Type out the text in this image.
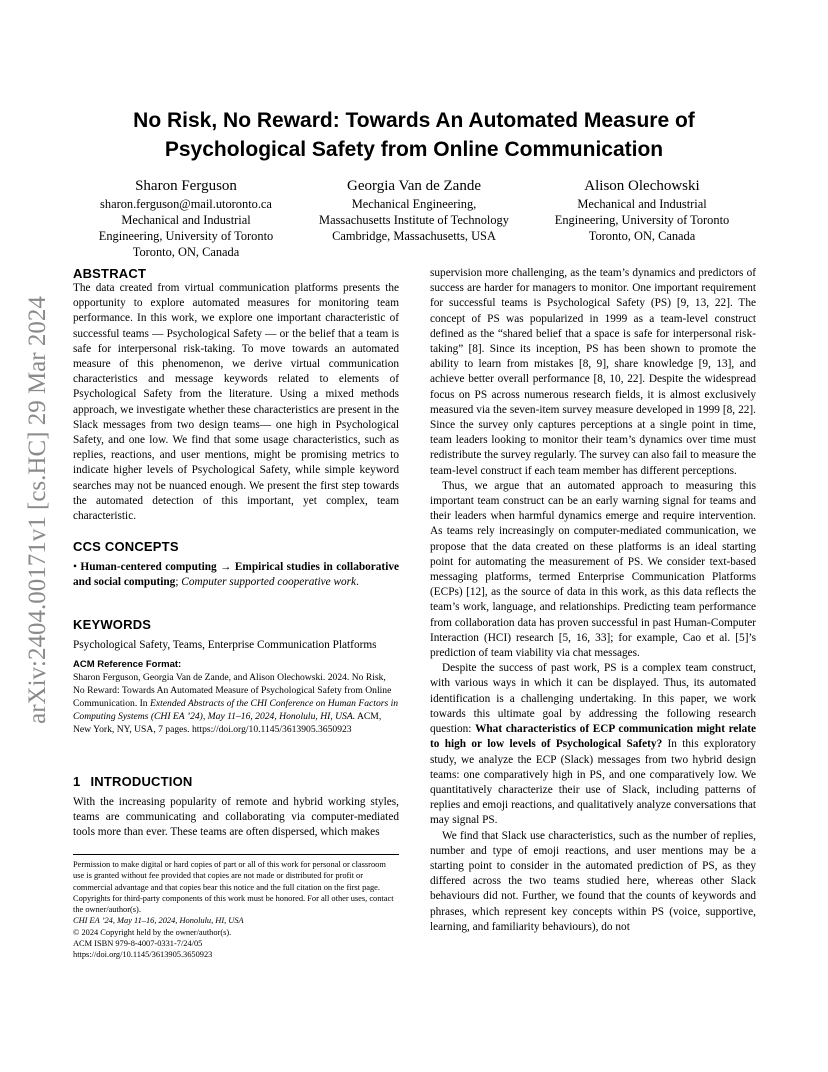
arXiv:2404.00171v1 [cs.HC] 29 Mar 2024
No Risk, No Reward: Towards An Automated Measure of
Psychological Safety from Online Communication
Sharon Ferguson
sharon.ferguson@mail.utoronto.ca
Mechanical and Industrial
Engineering, University of Toronto
Toronto, ON, Canada
Georgia Van de Zande
Mechanical Engineering,
Massachusetts Institute of Technology
Cambridge, Massachusetts, USA
Alison Olechowski
Mechanical and Industrial
Engineering, University of Toronto
Toronto, ON, Canada
ABSTRACT

The data created from virtual communication platforms presents the opportunity to explore automated measures for monitoring team performance. In this work, we explore one important characteristic of successful teams — Psychological Safety — or the belief that a team is safe for interpersonal risk-taking. To move towards an automated measure of this phenomenon, we derive virtual communication characteristics and message keywords related to elements of Psychological Safety from the literature. Using a mixed methods approach, we investigate whether these characteristics are present in the Slack messages from two design teams— one high in Psychological Safety, and one low. We find that some usage characteristics, such as replies, reactions, and user mentions, might be promising metrics to indicate higher levels of Psychological Safety, while simple keyword searches may not be nuanced enough. We present the first step towards the automated detection of this important, yet complex, team characteristic.

CCS CONCEPTS

• Human-centered computing → Empirical studies in collaborative and social computing; Computer supported cooperative work.

KEYWORDS

Psychological Safety, Teams, Enterprise Communication Platforms

ACM Reference Format:

Sharon Ferguson, Georgia Van de Zande, and Alison Olechowski. 2024. No Risk, No Reward: Towards An Automated Measure of Psychological Safety from Online Communication. In Extended Abstracts of the CHI Conference on Human Factors in Computing Systems (CHI EA ’24), May 11–16, 2024, Honolulu, HI, USA. ACM, New York, NY, USA, 7 pages. https://doi.org/10.1145/3613905.3650923

1 INTRODUCTION

With the increasing popularity of remote and hybrid working styles, teams are communicating and collaborating via computer-mediated tools more than ever. These teams are often dispersed, which makes

Permission to make digital or hard copies of part or all of this work for personal or classroom use is granted without fee provided that copies are not made or distributed for profit or commercial advantage and that copies bear this notice and the full citation on the first page. Copyrights for third-party components of this work must be honored. For all other uses, contact the owner/author(s).

CHI EA ’24, May 11–16, 2024, Honolulu, HI, USA

© 2024 Copyright held by the owner/author(s).

ACM ISBN 979-8-4007-0331-7/24/05

https://doi.org/10.1145/3613905.3650923

supervision more challenging, as the team’s dynamics and predictors of success are harder for managers to monitor. One important requirement for successful teams is Psychological Safety (PS) [9, 13, 22]. The concept of PS was popularized in 1999 as a team-level construct defined as the “shared belief that a space is safe for interpersonal risk-taking” [8]. Since its inception, PS has been shown to promote the ability to learn from mistakes [8, 9], share knowledge [9, 13], and achieve better overall performance [8, 10, 22]. Despite the widespread focus on PS across numerous research fields, it is almost exclusively measured via the seven-item survey measure developed in 1999 [8, 22]. Since the survey only captures perceptions at a single point in time, team leaders looking to monitor their team’s dynamics over time must redistribute the survey regularly. The survey can also fail to measure the team-level construct if each team member has different perceptions.

Thus, we argue that an automated approach to measuring this important team construct can be an early warning signal for teams and their leaders when harmful dynamics emerge and require intervention. As teams rely increasingly on computer-mediated communication, we propose that the data created on these platforms is an ideal starting point for automating the measurement of PS. We consider text-based messaging platforms, termed Enterprise Communication Platforms (ECPs) [12], as the source of data in this work, as this data reflects the team’s work, language, and relationships. Predicting team performance from collaboration data has proven successful in past Human-Computer Interaction (HCI) research [5, 16, 33]; for example, Cao et al. [5]’s prediction of team viability via chat messages.

Despite the success of past work, PS is a complex team construct, with various ways in which it can be displayed. Thus, its automated identification is a challenging undertaking. In this paper, we work towards this ultimate goal by addressing the following research question: What characteristics of ECP communication might relate to high or low levels of Psychological Safety? In this exploratory study, we analyze the ECP (Slack) messages from two hybrid design teams: one comparatively high in PS, and one comparatively low. We quantitatively characterize their use of Slack, including patterns of replies and emoji reactions, and qualitatively analyze conversations that may signal PS.

We find that Slack use characteristics, such as the number of replies, number and type of emoji reactions, and user mentions may be a starting point to consider in the automated prediction of PS, as they differed across the two teams studied here, whereas other Slack behaviours did not. Further, we found that the counts of keywords and phrases, which represent key concepts within PS (voice, supportive, learning, and familiarity behaviours), do not
